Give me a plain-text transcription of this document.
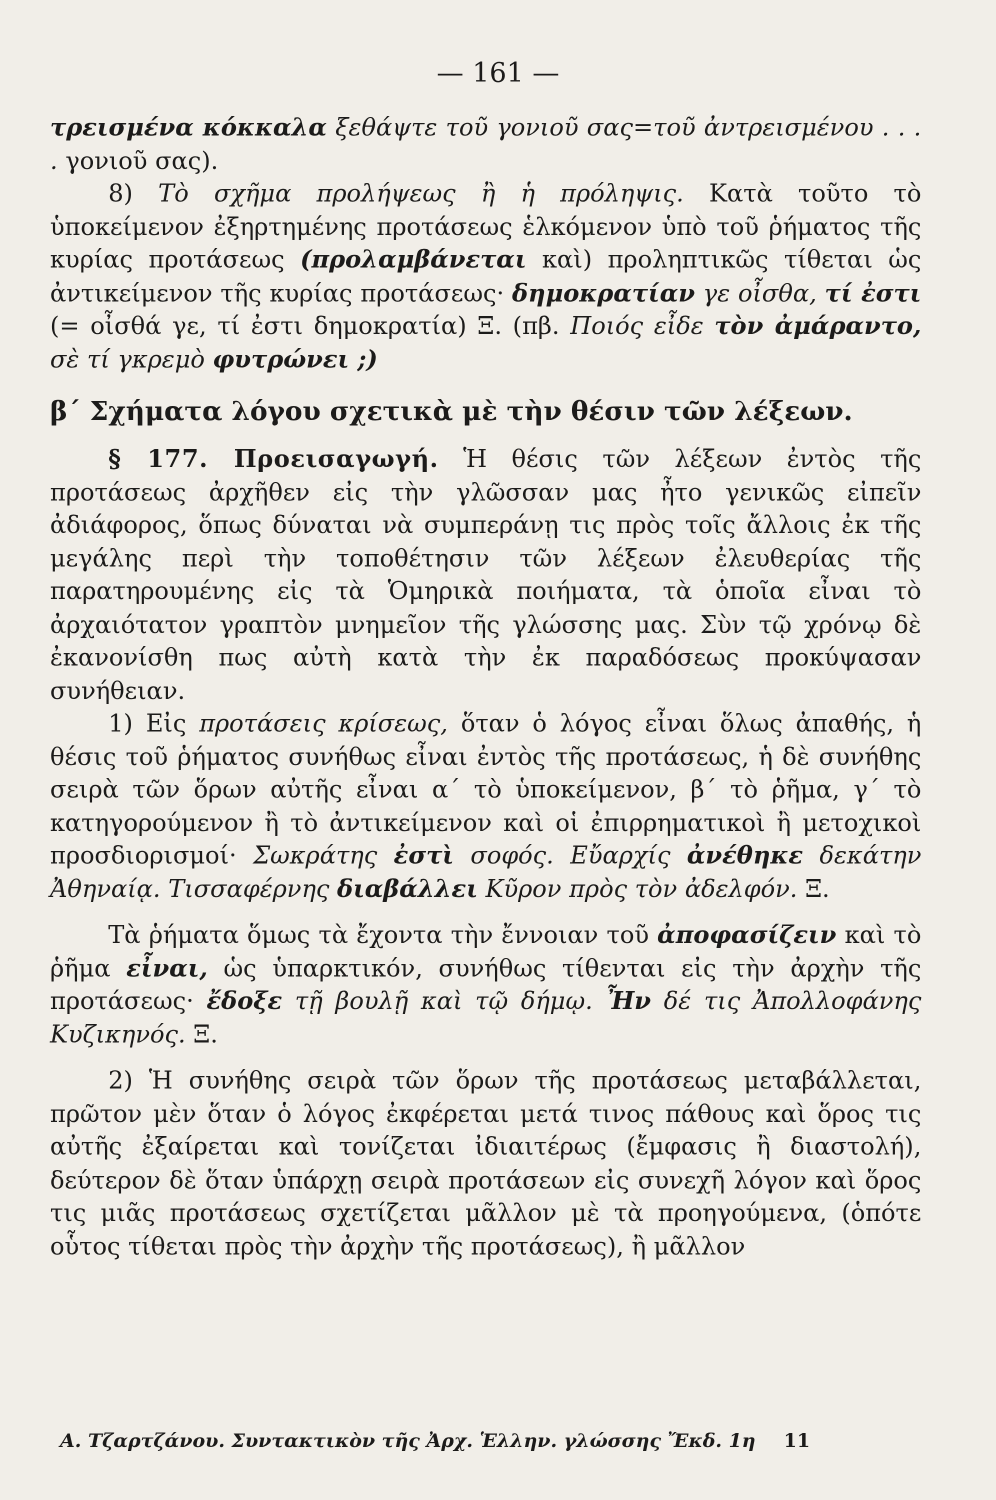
— 161 —

τρεισμένα κόκκαλα ξεθάψτε τοῦ γονιοῦ σας=τοῦ ἀντρεισμένου . . . . γονιοῦ σας).

8) Τὸ σχῆμα προλήψεως ἢ ἡ πρόληψις. Κατὰ τοῦτο τὸ ὑποκείμενον ἐξηρτημένης προτάσεως ἑλκόμενον ὑπὸ τοῦ ῥήματος τῆς κυρίας προτάσεως (προλαμβάνεται καὶ) προληπτικῶς τίθεται ὡς ἀντικείμενον τῆς κυρίας προτάσεως· δημοκρατίαν γε οἶσθα, τί ἐστι (= οἶσθά γε, τί ἐστι δημοκρατία) Ξ. (πβ. Ποιός εἶδε τὸν ἀμάραντο, σὲ τί γκρεμὸ φυτρώνει ;)

β΄ Σχήματα λόγου σχετικὰ μὲ τὴν θέσιν τῶν λέξεων.

§ 177. Προεισαγωγή. Ἡ θέσις τῶν λέξεων ἐντὸς τῆς προτάσεως ἀρχῆθεν εἰς τὴν γλῶσσαν μας ἦτο γενικῶς εἰπεῖν ἀδιάφορος, ὅπως δύναται νὰ συμπεράνῃ τις πρὸς τοῖς ἄλλοις ἐκ τῆς μεγάλης περὶ τὴν τοποθέτησιν τῶν λέξεων ἐλευθερίας τῆς παρατηρουμένης εἰς τὰ Ὁμηρικὰ ποιήματα, τὰ ὁποῖα εἶναι τὸ ἀρχαιότατον γραπτὸν μνημεῖον τῆς γλώσσης μας. Σὺν τῷ χρόνῳ δὲ ἐκανονίσθη πως αὐτὴ κατὰ τὴν ἐκ παραδόσεως προκύψασαν συνήθειαν.

1) Εἰς προτάσεις κρίσεως, ὅταν ὁ λόγος εἶναι ὅλως ἀπαθής, ἡ θέσις τοῦ ῥήματος συνήθως εἶναι ἐντὸς τῆς προτάσεως, ἡ δὲ συνήθης σειρὰ τῶν ὅρων αὐτῆς εἶναι α΄ τὸ ὑποκείμενον, β΄ τὸ ῥῆμα, γ΄ τὸ κατηγορούμενον ἢ τὸ ἀντικείμενον καὶ οἱ ἐπιρρηματικοὶ ἢ μετοχικοὶ προσδιορισμοί· Σωκράτης ἐστὶ σοφός. Εὔαρχίς ἀνέθηκε δεκάτην Ἀθηναίᾳ. Τισσαφέρνης διαβάλλει Κῦρον πρὸς τὸν ἀδελφόν. Ξ.

Τὰ ῥήματα ὅμως τὰ ἔχοντα τὴν ἔννοιαν τοῦ ἀποφασίζειν καὶ τὸ ῥῆμα εἶναι, ὡς ὑπαρκτικόν, συνήθως τίθενται εἰς τὴν ἀρχὴν τῆς προτάσεως· ἔδοξε τῇ βουλῇ καὶ τῷ δήμῳ. Ἦν δέ τις Ἀπολλοφάνης Κυζικηνός. Ξ.

2) Ἡ συνήθης σειρὰ τῶν ὅρων τῆς προτάσεως μεταβάλλεται, πρῶτον μὲν ὅταν ὁ λόγος ἐκφέρεται μετά τινος πάθους καὶ ὅρος τις αὐτῆς ἐξαίρεται καὶ τονίζεται ἰδιαιτέρως (ἔμφασις ἢ διαστολή), δεύτερον δὲ ὅταν ὑπάρχῃ σειρὰ προτάσεων εἰς συνεχῆ λόγον καὶ ὅρος τις μιᾶς προτάσεως σχετίζεται μᾶλλον μὲ τὰ προηγούμενα, (ὁπότε οὗτος τίθεται πρὸς τὴν ἀρχὴν τῆς προτάσεως), ἢ μᾶλλον

Α. Τζαρτζάνου. Συντακτικὸν τῆς Ἀρχ. Ἑλλην. γλώσσης Ἔκδ. 1η 11
